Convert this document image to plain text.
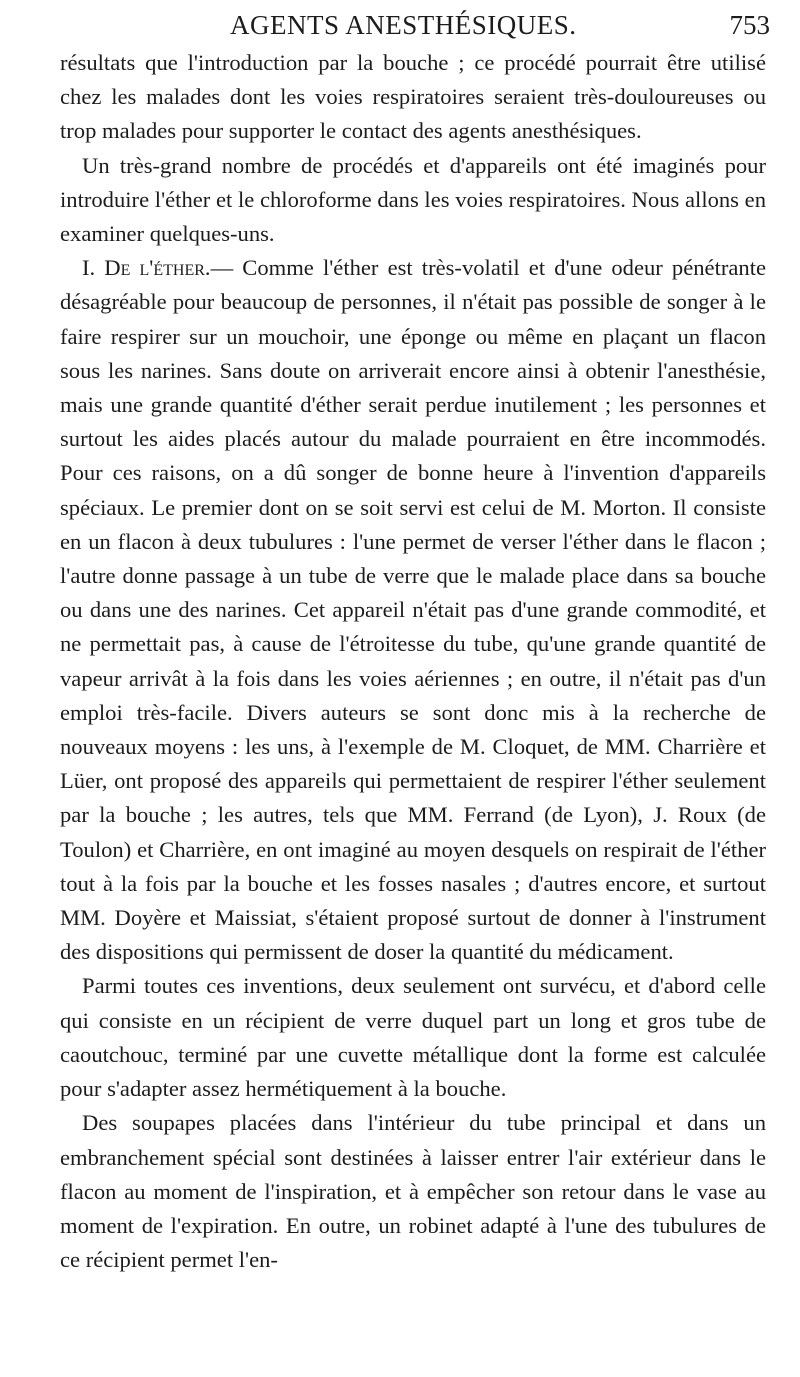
AGENTS ANESTHÉSIQUES.	753

résultats que l'introduction par la bouche ; ce procédé pourrait être utilisé chez les malades dont les voies respiratoires seraient très-douloureuses ou trop malades pour supporter le contact des agents anesthésiques.

Un très-grand nombre de procédés et d'appareils ont été imaginés pour introduire l'éther et le chloroforme dans les voies respiratoires. Nous allons en examiner quelques-uns.

I. De l'éther.— Comme l'éther est très-volatil et d'une odeur pénétrante désagréable pour beaucoup de personnes, il n'était pas possible de songer à le faire respirer sur un mouchoir, une éponge ou même en plaçant un flacon sous les narines. Sans doute on arriverait encore ainsi à obtenir l'anesthésie, mais une grande quantité d'éther serait perdue inutilement ; les personnes et surtout les aides placés autour du malade pourraient en être incommodés. Pour ces raisons, on a dû songer de bonne heure à l'invention d'appareils spéciaux. Le premier dont on se soit servi est celui de M. Morton. Il consiste en un flacon à deux tubulures : l'une permet de verser l'éther dans le flacon ; l'autre donne passage à un tube de verre que le malade place dans sa bouche ou dans une des narines. Cet appareil n'était pas d'une grande commodité, et ne permettait pas, à cause de l'étroitesse du tube, qu'une grande quantité de vapeur arrivât à la fois dans les voies aériennes ; en outre, il n'était pas d'un emploi très-facile. Divers auteurs se sont donc mis à la recherche de nouveaux moyens : les uns, à l'exemple de M. Cloquet, de MM. Charrière et Lüer, ont proposé des appareils qui permettaient de respirer l'éther seulement par la bouche ; les autres, tels que MM. Ferrand (de Lyon), J. Roux (de Toulon) et Charrière, en ont imaginé au moyen desquels on respirait de l'éther tout à la fois par la bouche et les fosses nasales ; d'autres encore, et surtout MM. Doyère et Maissiat, s'étaient proposé surtout de donner à l'instrument des dispositions qui permissent de doser la quantité du médicament.

Parmi toutes ces inventions, deux seulement ont survécu, et d'abord celle qui consiste en un récipient de verre duquel part un long et gros tube de caoutchouc, terminé par une cuvette métallique dont la forme est calculée pour s'adapter assez hermétiquement à la bouche.

Des soupapes placées dans l'intérieur du tube principal et dans un embranchement spécial sont destinées à laisser entrer l'air extérieur dans le flacon au moment de l'inspiration, et à empêcher son retour dans le vase au moment de l'expiration. En outre, un robinet adapté à l'une des tubulures de ce récipient permet l'en-
